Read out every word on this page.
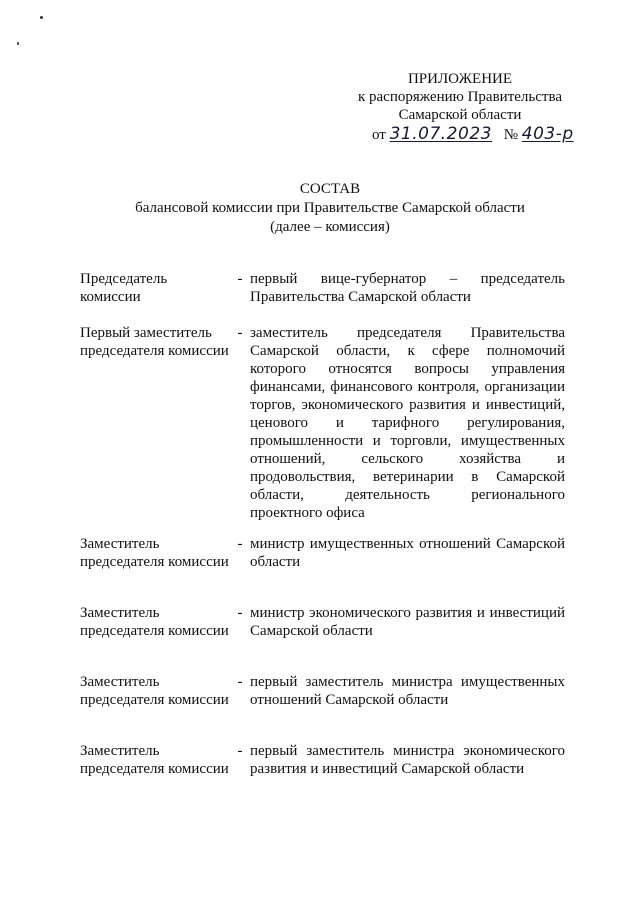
ПРИЛОЖЕНИЕ
к распоряжению Правительства
Самарской области
от 31.07.2023 № 403-р
СОСТАВ
балансовой комиссии при Правительстве Самарской области
(далее – комиссия)
Председатель комиссии
- первый вице-губернатор – председатель Правительства Самарской области
Первый заместитель председателя комиссии
- заместитель председателя Правительства Самарской области, к сфере полномочий которого относятся вопросы управления финансами, финансового контроля, организации торгов, экономического развития и инвестиций, ценового и тарифного регулирования, промышленности и торговли, имущественных отношений, сельского хозяйства и продовольствия, ветеринарии в Самарской области, деятельность регионального проектного офиса
Заместитель председателя комиссии
- министр имущественных отношений Самарской области
Заместитель председателя комиссии
- министр экономического развития и инвестиций Самарской области
Заместитель председателя комиссии
- первый заместитель министра имущественных отношений Самарской области
Заместитель председателя комиссии
- первый заместитель министра экономического развития и инвестиций Самарской области
